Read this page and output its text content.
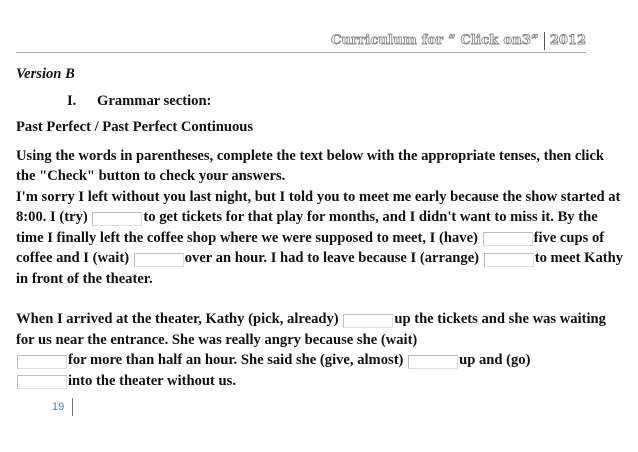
Curriculum for “ Click on3” 2012
Version B
I. Grammar section:
Past Perfect / Past Perfect Continuous

Using the words in parentheses, complete the text below with the appropriate tenses, then click the "Check" button to check your answers.
I'm sorry I left without you last night, but I told you to meet me early because the show started at 8:00. I (try)	to get tickets for that play for months, and I didn't want to miss it. By the time I finally left the coffee shop where we were supposed to meet, I (have)	five cups of coffee and I (wait)	over an hour. I had to leave because I (arrange)	to meet Kathy in front of the theater.

When I arrived at the theater, Kathy (pick, already)	up the tickets and she was waiting for us near the entrance. She was really angry because she (wait)
for more than half an hour. She said she (give, almost)	up and (go)
into the theater without us.

19
